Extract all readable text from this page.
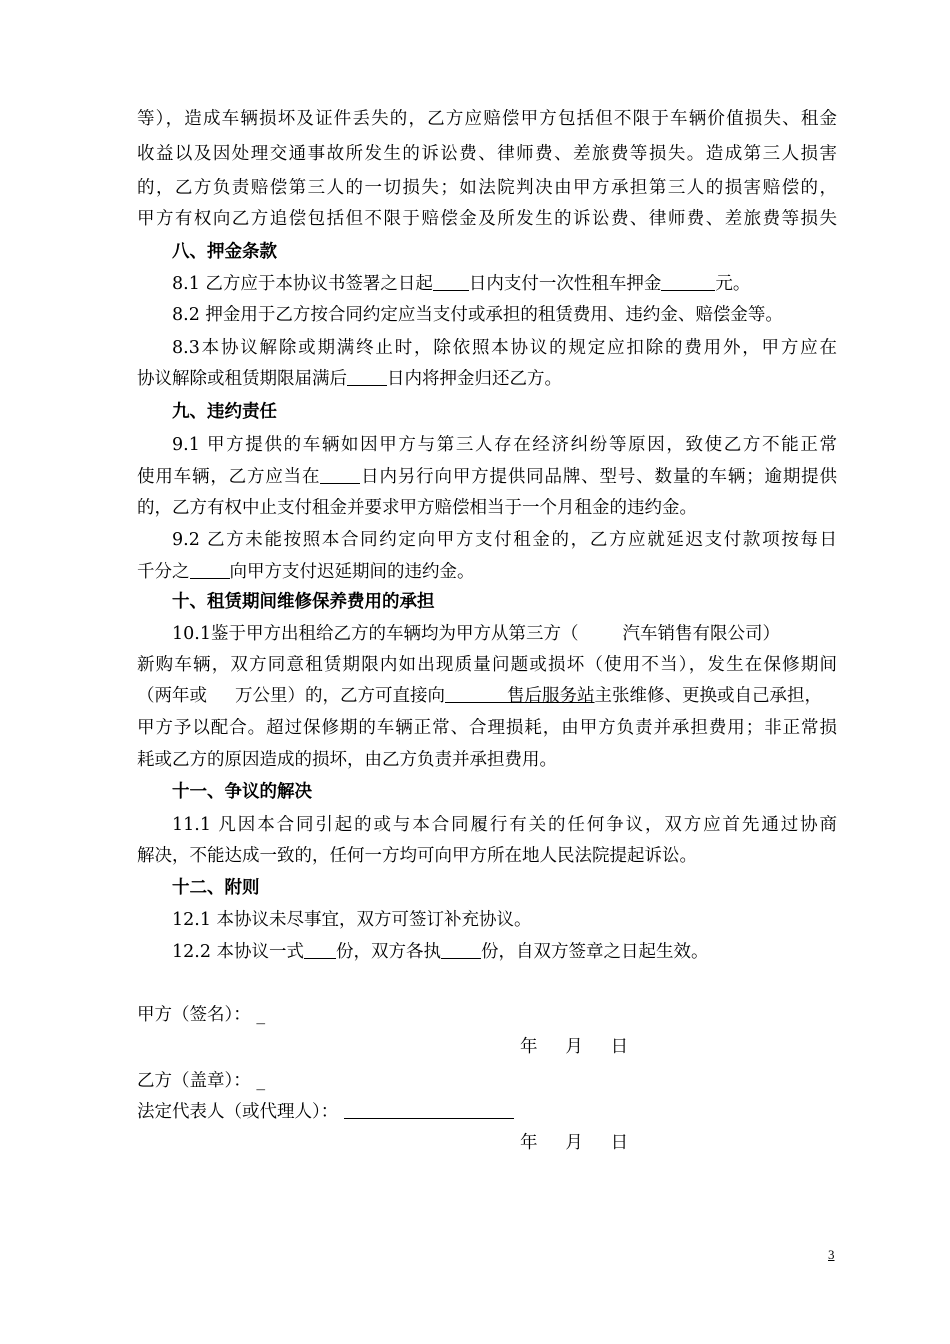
等），造成车辆损坏及证件丢失的，乙方应赔偿甲方包括但不限于车辆价值损失、租金
收益以及因处理交通事故所发生的诉讼费、律师费、差旅费等损失。造成第三人损害
的，乙方负责赔偿第三人的一切损失；如法院判决由甲方承担第三人的损害赔偿的，
甲方有权向乙方追偿包括但不限于赔偿金及所发生的诉讼费、律师费、差旅费等损失
八、押金条款
8.1 乙方应于本协议书签署之日起 日内支付一次性租车押金	元。
8.2 押金用于乙方按合同约定应当支付或承担的租赁费用、违约金、赔偿金等。
8.3本协议解除或期满终止时，除依照本协议的规定应扣除的费用外，甲方应在
协议解除或租赁期限届满后 日内将押金归还乙方。
九、违约责任
9.1 甲方提供的车辆如因甲方与第三人存在经济纠纷等原因，致使乙方不能正常
使用车辆，乙方应当在 日内另行向甲方提供同品牌、型号、数量的车辆；逾期提供
的，乙方有权中止支付租金并要求甲方赔偿相当于一个月租金的违约金。
9.2 乙方未能按照本合同约定向甲方支付租金的，乙方应就延迟支付款项按每日
千分之 向甲方支付迟延期间的违约金。
十、租赁期间维修保养费用的承担
10.1鉴于甲方出租给乙方的车辆均为甲方从第三方（	汽车销售有限公司）
新购车辆，双方同意租赁期限内如出现质量问题或损坏（使用不当），发生在保修期间
（两年或 万公里）的，乙方可直接向	售后服务站主张维修、更换或自己承担，
甲方予以配合。超过保修期的车辆正常、合理损耗，由甲方负责并承担费用；非正常损
耗或乙方的原因造成的损坏，由乙方负责并承担费用。
十一、争议的解决
11.1 凡因本合同引起的或与本合同履行有关的任何争议，双方应首先通过协商
解决，不能达成一致的，任何一方均可向甲方所在地人民法院提起诉讼。
十二、附则
12.1 本协议未尽事宜，双方可签订补充协议。
12.2 本协议一式 份，双方各执 份，自双方签章之日起生效。
甲方（签名）： _
年     月     日
乙方（盖章）： _
法定代表人（或代理人）：
年     月     日
3
